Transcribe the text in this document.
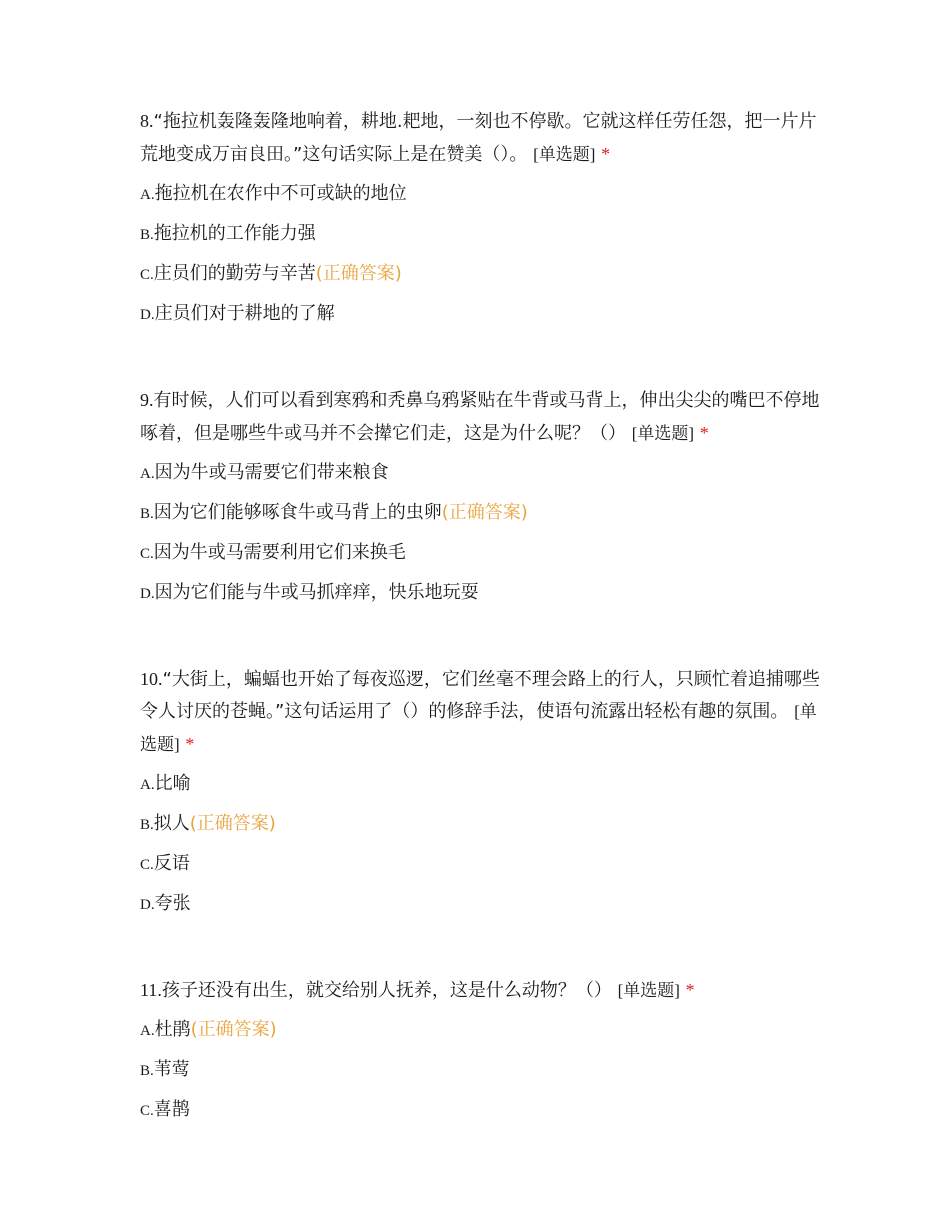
8.“拖拉机轰隆轰隆地响着，耕地.耙地，一刻也不停歇。它就这样任劳任怨，把一片片荒地变成万亩良田。”这句话实际上是在赞美（）。 [单选题] *
A.拖拉机在农作中不可或缺的地位
B.拖拉机的工作能力强
C.庄员们的勤劳与辛苦(正确答案)
D.庄员们对于耕地的了解
9.有时候，人们可以看到寒鸦和秃鼻乌鸦紧贴在牛背或马背上，伸出尖尖的嘴巴不停地啄着，但是哪些牛或马并不会撵它们走，这是为什么呢？（） [单选题] *
A.因为牛或马需要它们带来粮食
B.因为它们能够啄食牛或马背上的虫卵(正确答案)
C.因为牛或马需要利用它们来换毛
D.因为它们能与牛或马抓痒痒，快乐地玩耍
10.“大街上，蝙蝠也开始了每夜巡逻，它们丝毫不理会路上的行人，只顾忙着追捕哪些令人讨厌的苍蝇。”这句话运用了（）的修辞手法，使语句流露出轻松有趣的氛围。 [单选题] *
A.比喻
B.拟人(正确答案)
C.反语
D.夸张
11.孩子还没有出生，就交给别人抚养，这是什么动物？（） [单选题] *
A.杜鹃(正确答案)
B.苇莺
C.喜鹊
